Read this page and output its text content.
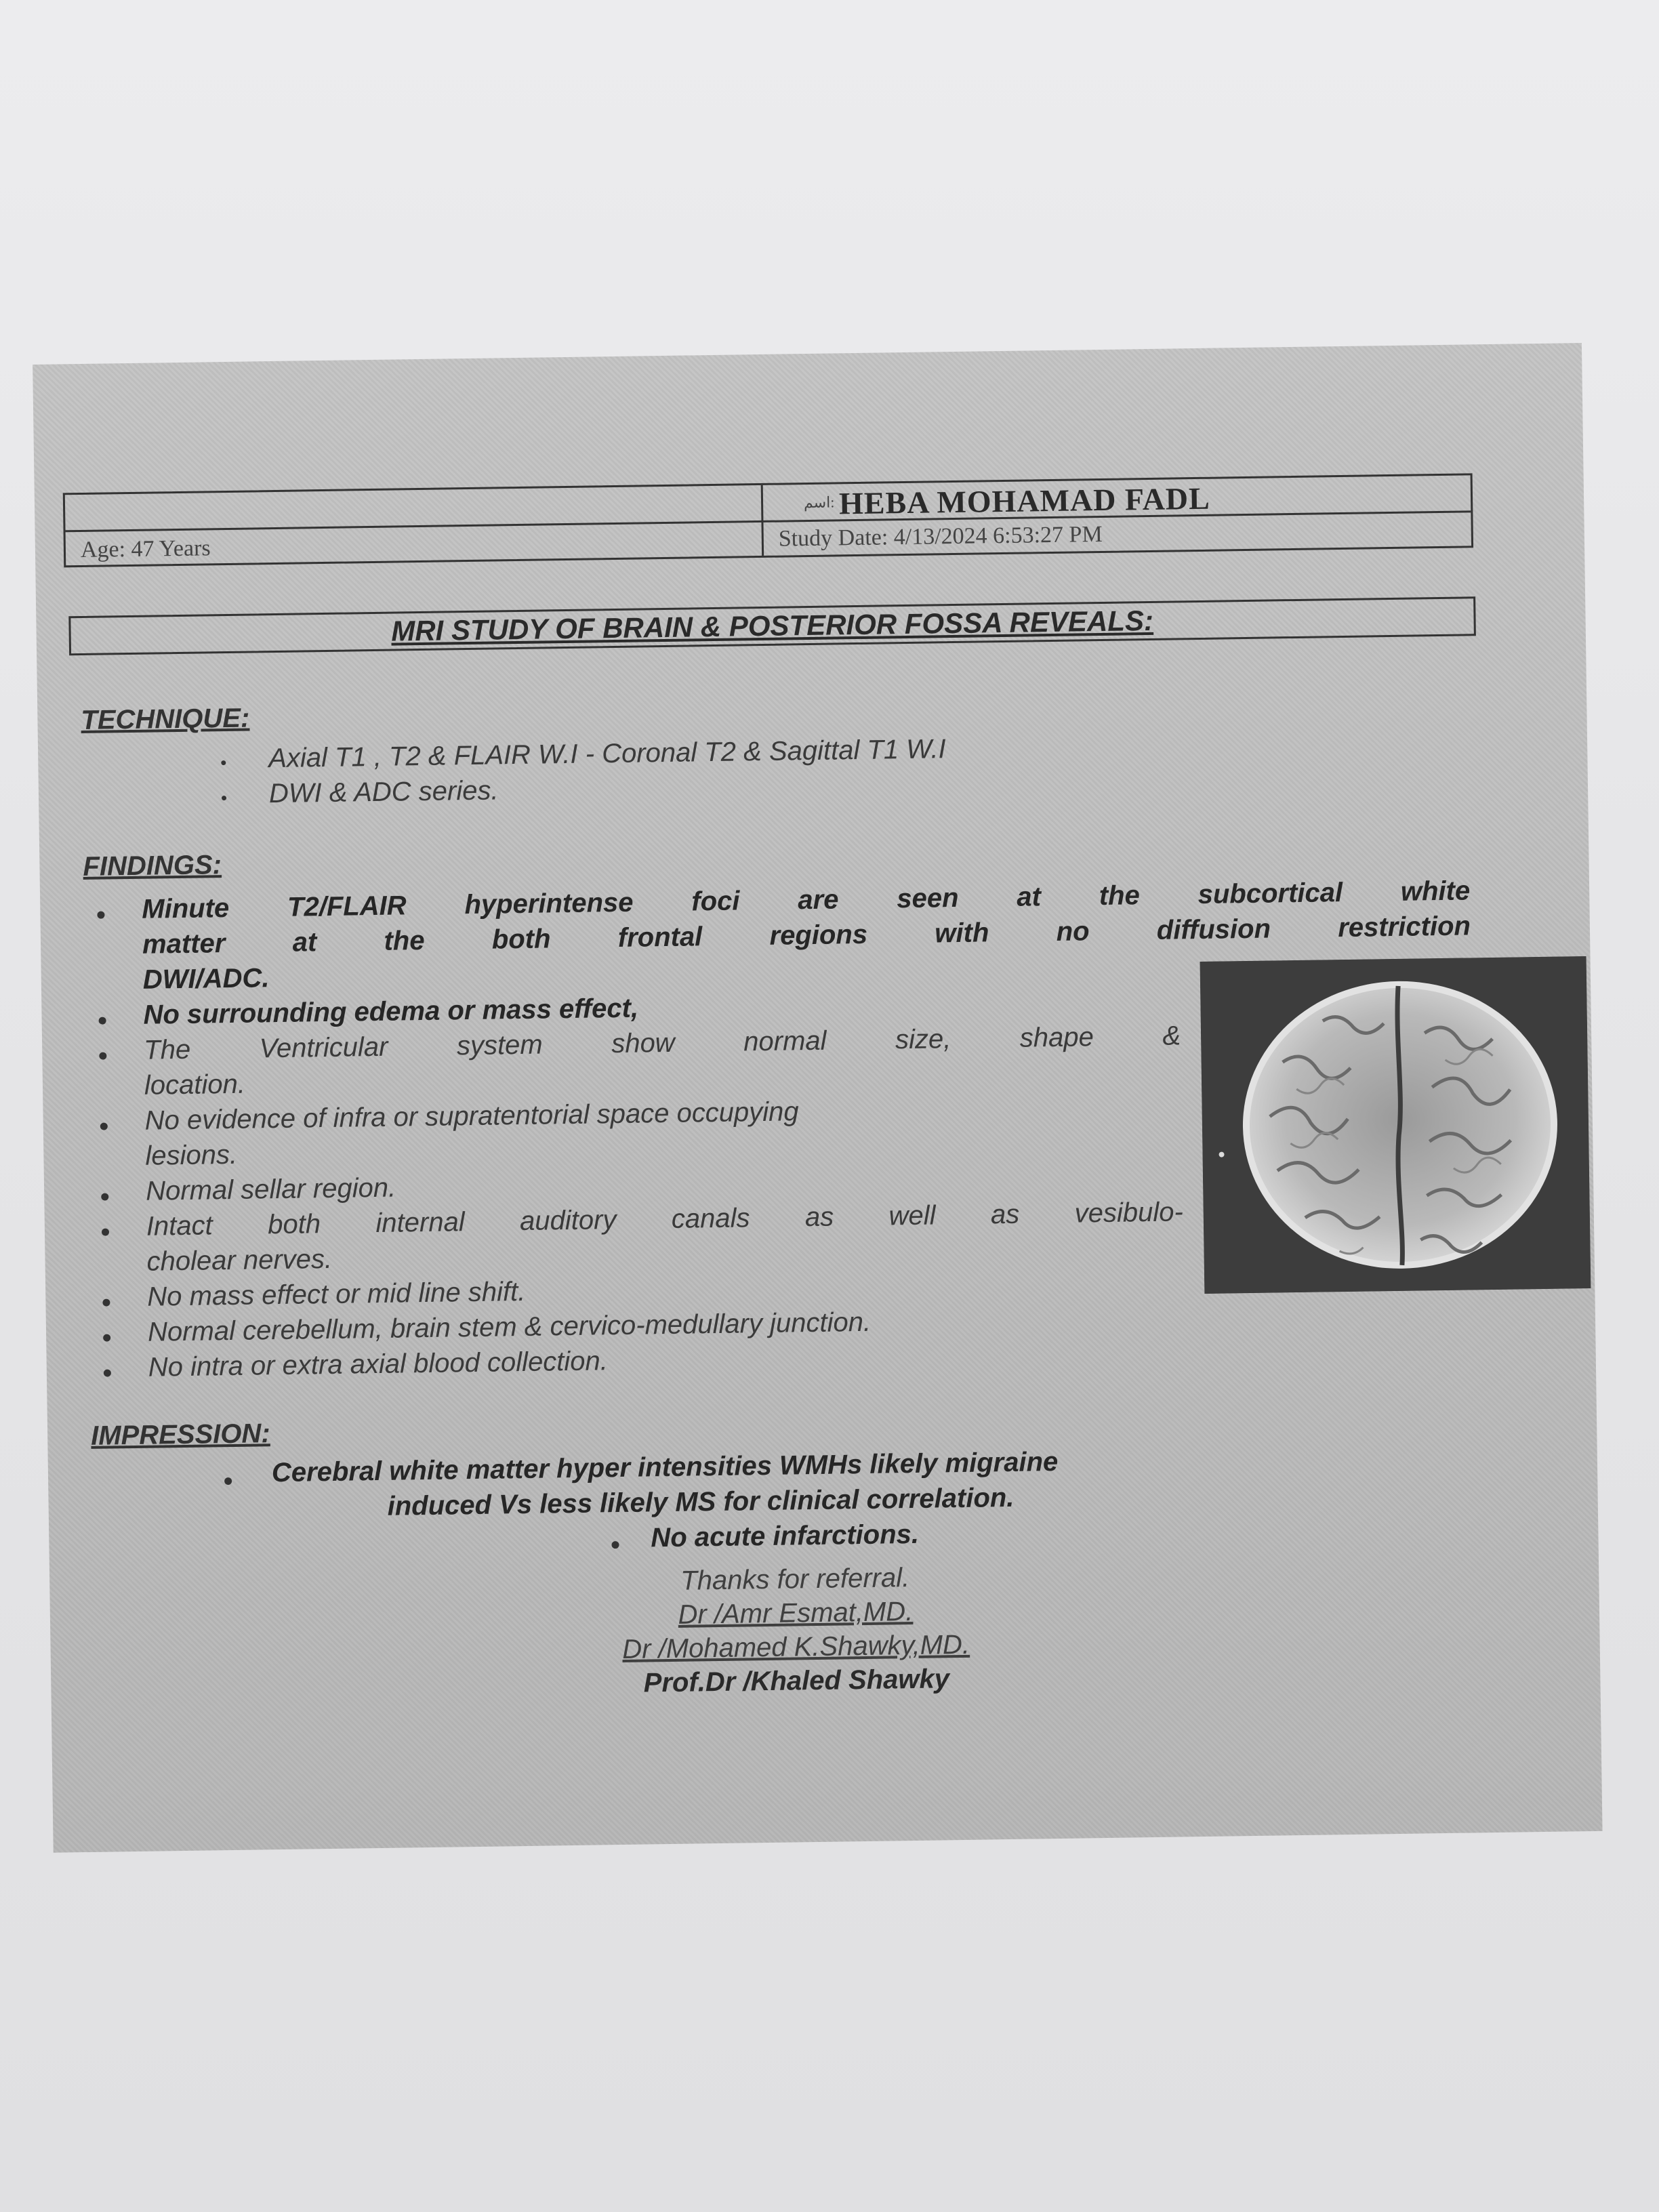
اسم: HEBA MOHAMAD FADL
Age: 47 Years	Study Date: 4/13/2024 6:53:27 PM
MRI STUDY OF BRAIN & POSTERIOR FOSSA REVEALS:
TECHNIQUE:
Axial T1 , T2 & FLAIR W.I - Coronal T2 & Sagittal T1 W.I
DWI & ADC series.
FINDINGS:
Minute T2/FLAIR hyperintense foci are seen at the subcortical white
matter at the both frontal regions with no diffusion restriction
DWI/ADC.
No surrounding edema or mass effect,
The Ventricular system show normal size, shape &
location.
No evidence of infra or supratentorial space occupying
lesions.
Normal sellar region.
Intact both internal auditory canals as well as vesibulo-
cholear nerves.
No mass effect or mid line shift.
Normal cerebellum, brain stem & cervico-medullary junction.
No intra or extra axial blood collection.
IMPRESSION:
Cerebral white matter hyper intensities WMHs likely migraine
induced Vs less likely MS for clinical correlation.
No acute infarctions.
Thanks for referral.
Dr /Amr Esmat,MD.
Dr /Mohamed K.Shawky,MD.
Prof.Dr /Khaled Shawky
